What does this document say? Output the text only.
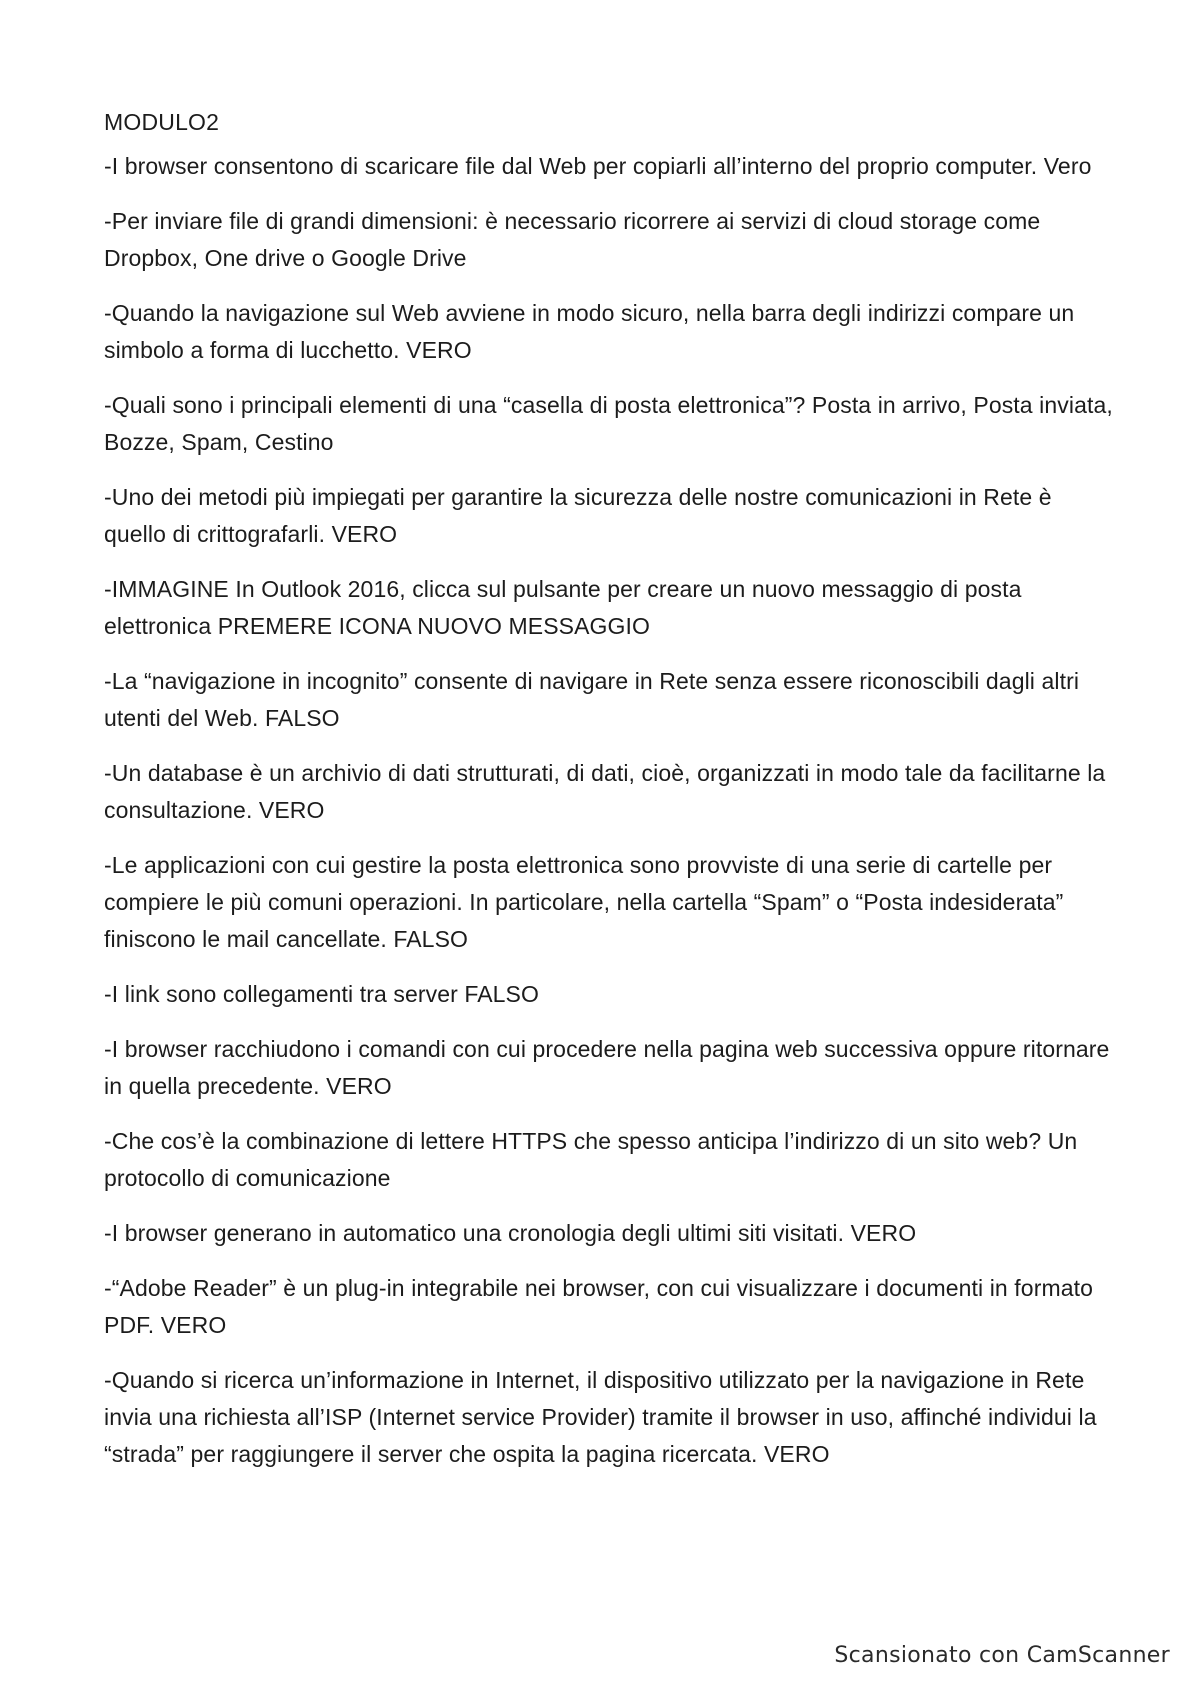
MODULO2

-I browser consentono di scaricare file dal Web per copiarli all’interno del proprio computer. Vero

-Per inviare file di grandi dimensioni: è necessario ricorrere ai servizi di cloud storage come Dropbox, One drive o Google Drive

-Quando la navigazione sul Web avviene in modo sicuro, nella barra degli indirizzi compare un simbolo a forma di lucchetto. VERO

-Quali sono i principali elementi di una “casella di posta elettronica”? Posta in arrivo, Posta inviata, Bozze, Spam, Cestino

-Uno dei metodi più impiegati per garantire la sicurezza delle nostre comunicazioni in Rete è quello di crittografarli. VERO

-IMMAGINE In Outlook 2016, clicca sul pulsante per creare un nuovo messaggio di posta elettronica PREMERE ICONA NUOVO MESSAGGIO

-La “navigazione in incognito” consente di navigare in Rete senza essere riconoscibili dagli altri utenti del Web. FALSO

-Un database è un archivio di dati strutturati, di dati, cioè, organizzati in modo tale da facilitarne la consultazione. VERO

-Le applicazioni con cui gestire la posta elettronica sono provviste di una serie di cartelle per compiere le più comuni operazioni. In particolare, nella cartella “Spam” o “Posta indesiderata” finiscono le mail cancellate. FALSO

-I link sono collegamenti tra server FALSO

-I browser racchiudono i comandi con cui procedere nella pagina web successiva oppure ritornare in quella precedente. VERO

-Che cos’è la combinazione di lettere HTTPS che spesso anticipa l’indirizzo di un sito web? Un protocollo di comunicazione

-I browser generano in automatico una cronologia degli ultimi siti visitati. VERO

-“Adobe Reader” è un plug-in integrabile nei browser, con cui visualizzare i documenti in formato PDF. VERO

-Quando si ricerca un’informazione in Internet, il dispositivo utilizzato per la navigazione in Rete invia una richiesta all’ISP (Internet service Provider) tramite il browser in uso, affinché individui la “strada” per raggiungere il server che ospita la pagina ricercata. VERO

Scansionato con CamScanner
